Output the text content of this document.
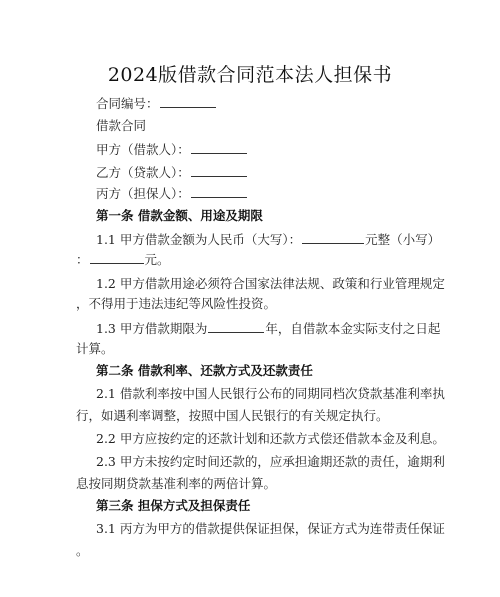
2024版借款合同范本法人担保书
合同编号：
借款合同
甲方（借款人）：
乙方（贷款人）：
丙方（担保人）：
第一条 借款金额、用途及期限
1.1 甲方借款金额为人民币（大写）：	元整（小写）
：	元。
1.2 甲方借款用途必须符合国家法律法规、政策和行业管理规定
，不得用于违法违纪等风险性投资。
1.3 甲方借款期限为	年，自借款本金实际支付之日起
计算。
第二条 借款利率、还款方式及还款责任
2.1 借款利率按中国人民银行公布的同期同档次贷款基准利率执
行，如遇利率调整，按照中国人民银行的有关规定执行。
2.2 甲方应按约定的还款计划和还款方式偿还借款本金及利息。
2.3 甲方未按约定时间还款的，应承担逾期还款的责任，逾期利
息按同期贷款基准利率的两倍计算。
第三条 担保方式及担保责任
3.1 丙方为甲方的借款提供保证担保，保证方式为连带责任保证
。
